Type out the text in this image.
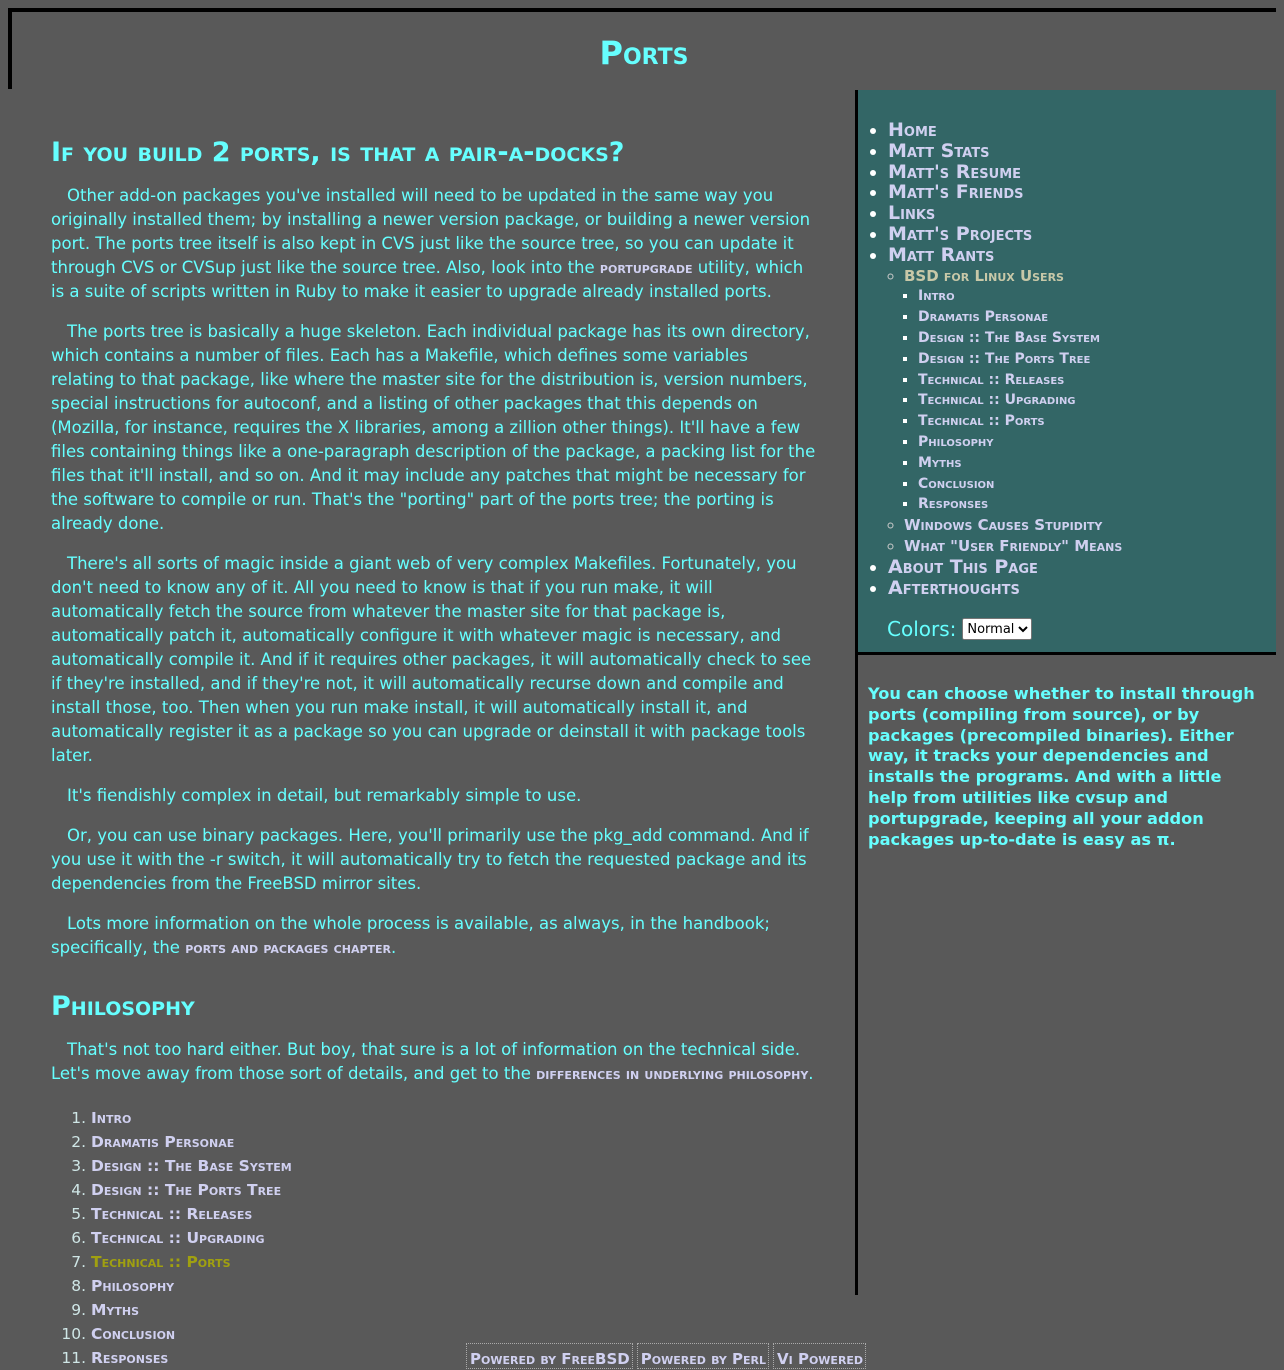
Ports
If you build 2 ports, is that a pair-a-docks?

Other add-on packages you've installed will need to be updated in the same way you originally installed them; by installing a newer version package, or building a newer version port. The ports tree itself is also kept in CVS just like the source tree, so you can update it through CVS or CVSup just like the source tree. Also, look into the portupgrade utility, which is a suite of scripts written in Ruby to make it easier to upgrade already installed ports.

The ports tree is basically a huge skeleton. Each individual package has its own directory, which contains a number of files. Each has a Makefile, which defines some variables relating to that package, like where the master site for the distribution is, version numbers, special instructions for autoconf, and a listing of other packages that this depends on (Mozilla, for instance, requires the X libraries, among a zillion other things). It'll have a few files containing things like a one-paragraph description of the package, a packing list for the files that it'll install, and so on. And it may include any patches that might be necessary for the software to compile or run. That's the "porting" part of the ports tree; the porting is already done.

There's all sorts of magic inside a giant web of very complex Makefiles. Fortunately, you don't need to know any of it. All you need to know is that if you run make, it will automatically fetch the source from whatever the master site for that package is, automatically patch it, automatically configure it with whatever magic is necessary, and automatically compile it. And if it requires other packages, it will automatically check to see if they're installed, and if they're not, it will automatically recurse down and compile and install those, too. Then when you run make install, it will automatically install it, and automatically register it as a package so you can upgrade or deinstall it with package tools later.

It's fiendishly complex in detail, but remarkably simple to use.

Or, you can use binary packages. Here, you'll primarily use the pkg_add command. And if you use it with the -r switch, it will automatically try to fetch the requested package and its dependencies from the FreeBSD mirror sites.

Lots more information on the whole process is available, as always, in the handbook; specifically, the ports and packages chapter.

Philosophy

That's not too hard either. But boy, that sure is a lot of information on the technical side. Let's move away from those sort of details, and get to the differences in underlying philosophy.

1. Intro
2. Dramatis Personae
3. Design :: The Base System
4. Design :: The Ports Tree
5. Technical :: Releases
6. Technical :: Upgrading
7. Technical :: Ports
8. Philosophy
9. Myths
10. Conclusion
11. Responses
• Home
• Matt Stats
• Matt's Resume
• Matt's Friends
• Links
• Matt's Projects
• Matt Rants
◦ BSD for Linux Users
▪ Intro
▪ Dramatis Personae
▪ Design :: The Base System
▪ Design :: The Ports Tree
▪ Technical :: Releases
▪ Technical :: Upgrading
▪ Technical :: Ports
▪ Philosophy
▪ Myths
▪ Conclusion
▪ Responses
◦ Windows Causes Stupidity
◦ What "User Friendly" Means
• About This Page
• Afterthoughts
Colors:
Normal
You can choose whether to install through ports (compiling from source), or by packages (precompiled binaries). Either way, it tracks your dependencies and installs the programs. And with a little help from utilities like cvsup and portupgrade, keeping all your addon packages up-to-date is easy as π.
Powered by FreeBSD Powered by Perl Vi Powered
